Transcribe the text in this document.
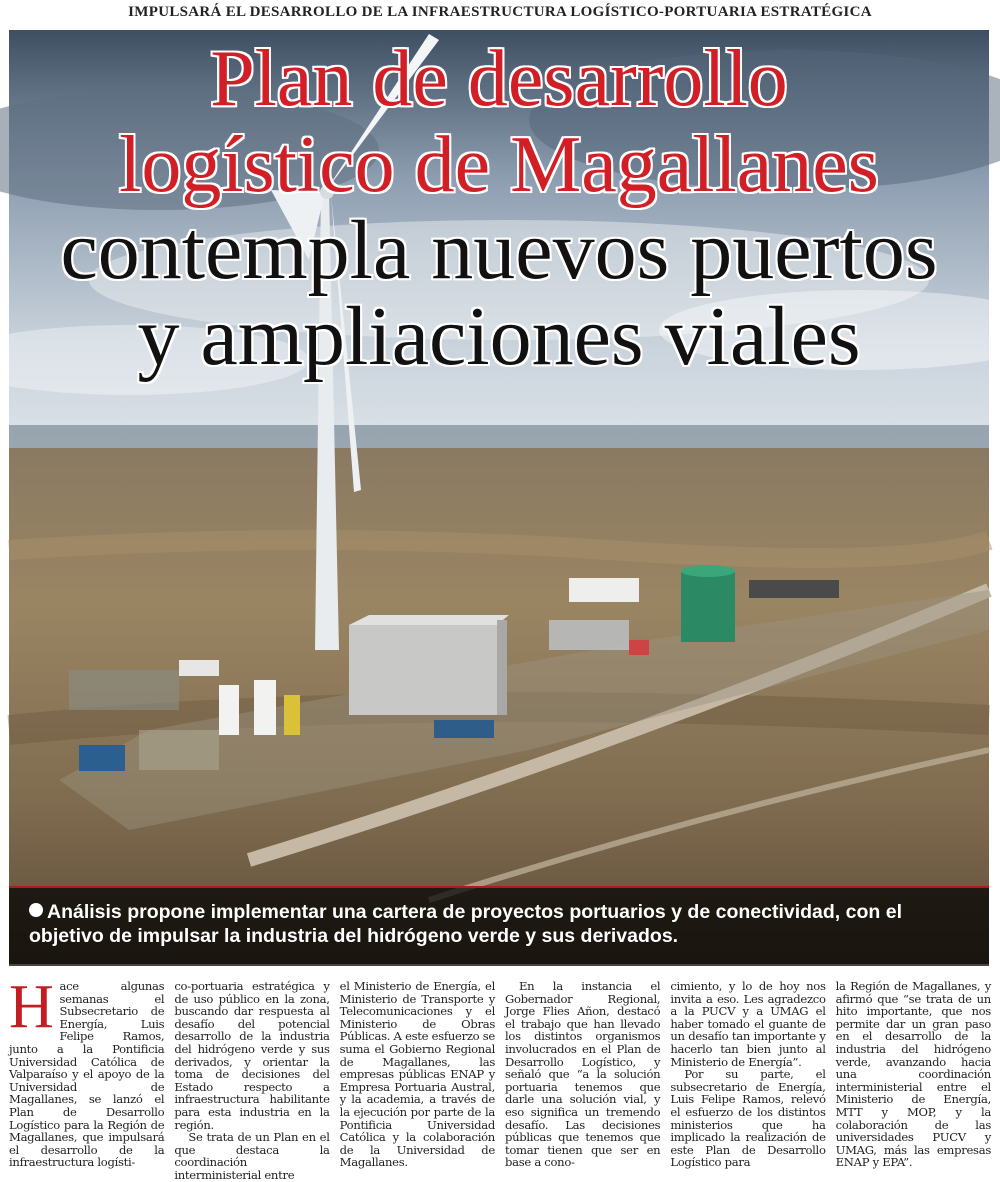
IMPULSARÁ EL DESARROLLO DE LA INFRAESTRUCTURA LOGÍSTICO-PORTUARIA ESTRATÉGICA
Plan de desarrollo
logístico de Magallanes
contempla nuevos puertos
y ampliaciones viales
Análisis propone implementar una cartera de proyectos portuarios y de conectividad, con el objetivo de impulsar la industria del hidrógeno verde y sus derivados.

Hace algunas semanas el Subsecretario de Energía, Luis Felipe Ramos, junto a la Pontificia Universidad Católica de Valparaíso y el apoyo de la Universidad de Magallanes, se lanzó el Plan de Desarrollo Logístico para la Región de Magallanes, que impulsará el desarrollo de la infraestructura logísti-

co-portuaria estratégica y de uso público en la zona, buscando dar respuesta al desafío del potencial desarrollo de la industria del hidrógeno verde y sus derivados, y orientar la toma de decisiones del Estado respecto a infraestructura habilitante para esta industria en la región.

Se trata de un Plan en el que destaca la coordinación interministerial entre

el Ministerio de Energía, el Ministerio de Transporte y Telecomunicaciones y el Ministerio de Obras Públicas. A este esfuerzo se suma el Gobierno Regional de Magallanes, las empresas públicas ENAP y Empresa Portuaria Austral, y la academia, a través de la ejecución por parte de la Pontificia Universidad Católica y la colaboración de la Universidad de Magallanes.

En la instancia el Gobernador Regional, Jorge Flies Añon, destacó el trabajo que han llevado los distintos organismos involucrados en el Plan de Desarrollo Logístico, y señaló que “a la solución portuaria tenemos que darle una solución vial, y eso significa un tremendo desafío. Las decisiones públicas que tenemos que tomar tienen que ser en base a cono-

cimiento, y lo de hoy nos invita a eso. Les agradezco a la PUCV y a UMAG el haber tomado el guante de un desafío tan importante y hacerlo tan bien junto al Ministerio de Energía”.

Por su parte, el subsecretario de Energía, Luis Felipe Ramos, relevó el esfuerzo de los distintos ministerios que ha implicado la realización de este Plan de Desarrollo Logístico para

la Región de Magallanes, y afirmó que “se trata de un hito importante, que nos permite dar un gran paso en el desarrollo de la industria del hidrógeno verde, avanzando hacia una coordinación interministerial entre el Ministerio de Energía, MTT y MOP, y la colaboración de las universidades PUCV y UMAG, más las empresas ENAP y EPA”.
